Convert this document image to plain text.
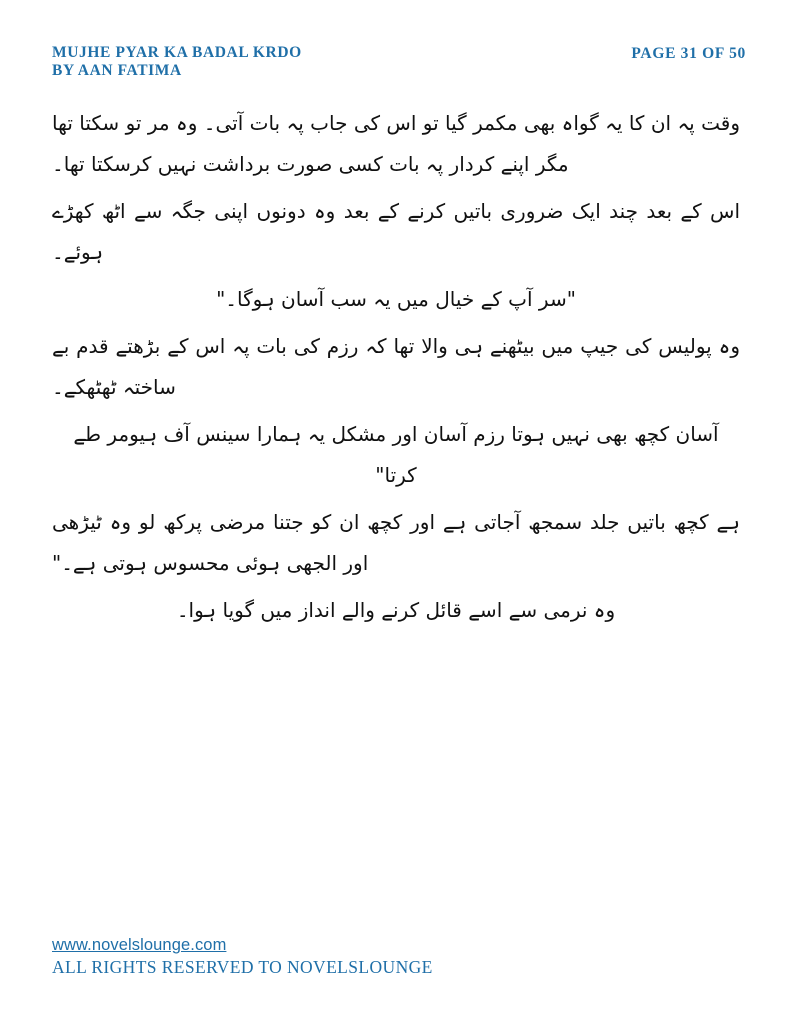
MUJHE PYAR KA BADAL KRDO
BY AAN FATIMA
PAGE 31 OF 50

وقت پہ ان کا یہ گواہ بھی مکمر گیا تو اس کی جاب پہ بات آتی۔ وہ مر تو سکتا تھا مگر اپنے کردار پہ بات کسی صورت برداشت نہیں کرسکتا تھا۔

اس کے بعد چند ایک ضروری باتیں کرنے کے بعد وہ دونوں اپنی جگہ سے اٹھ کھڑے ہوئے۔

"سر آپ کے خیال میں یہ سب آسان ہوگا۔"

وہ پولیس کی جیپ میں بیٹھنے ہی والا تھا کہ رزم کی بات پہ اس کے بڑھتے قدم بے ساختہ ٹھٹھکے۔

آسان کچھ بھی نہیں ہوتا رزم آسان اور مشکل یہ ہمارا سینس آف ہیومر طے کرتا"

ہے کچھ باتیں جلد سمجھ آجاتی ہے اور کچھ ان کو جتنا مرضی پرکھ لو وہ ٹیڑھی اور الجھی ہوئی محسوس ہوتی ہے۔"

وہ نرمی سے اسے قائل کرنے والے انداز میں گویا ہوا۔

www.novelslounge.com
ALL RIGHTS RESERVED TO NOVELSLOUNGE
